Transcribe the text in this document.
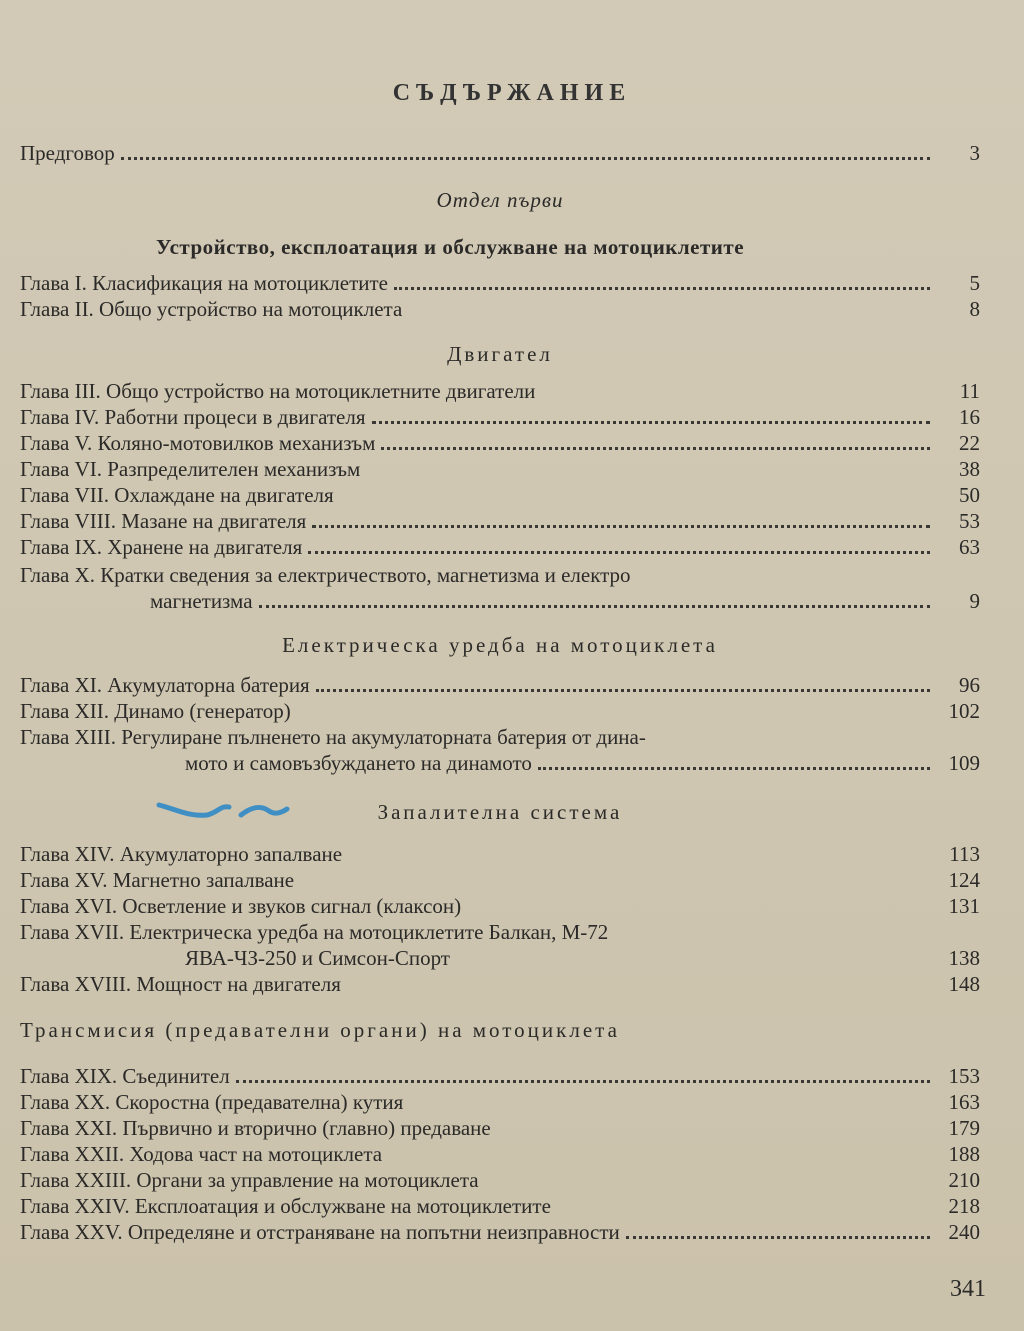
СЪДЪРЖАНИЕ
Предговор	3
Отдел първи
Устройство, експлоатация и обслужване на мотоциклетите
Глава I. Класификация на мотоциклетите	5
Глава II. Общо устройство на мотоциклета	8
Двигател
Глава III. Общо устройство на мотоциклетните двигатели	11
Глава IV. Работни процеси в двигателя	16
Глава V. Коляно-мотовилков механизъм	22
Глава VI. Разпределителен механизъм	38
Глава VII. Охлаждане на двигателя	50
Глава VIII. Мазане на двигателя	53
Глава IX. Хранене на двигателя	63
Глава X. Кратки сведения за електричеството, магнетизма и електро
магнетизма	9
Електрическа уредба на мотоциклета
Глава XI. Акумулаторна батерия	96
Глава XII. Динамо (генератор)	102
Глава XIII. Регулиране пълненето на акумулаторната батерия от дина-
мото и самовъзбуждането на динамото	109
Запалителна система
Глава XIV. Акумулаторно запалване	113
Глава XV. Магнетно запалване	124
Глава XVI. Осветление и звуков сигнал (клаксон)	131
Глава XVII. Електрическа уредба на мотоциклетите Балкан, М-72
ЯВА-ЧЗ-250 и Симсон-Спорт	138
Глава XVIII. Мощност на двигателя	148
Трансмисия (предавателни органи) на мотоциклета
Глава XIX. Съединител	153
Глава XX. Скоростна (предавателна) кутия	163
Глава XXI. Първично и вторично (главно) предаване	179
Глава XXII. Ходова част на мотоциклета	188
Глава XXIII. Органи за управление на мотоциклета	210
Глава XXIV. Експлоатация и обслужване на мотоциклетите	218
Глава XXV. Определяне и отстраняване на попътни неизправности	240
341
